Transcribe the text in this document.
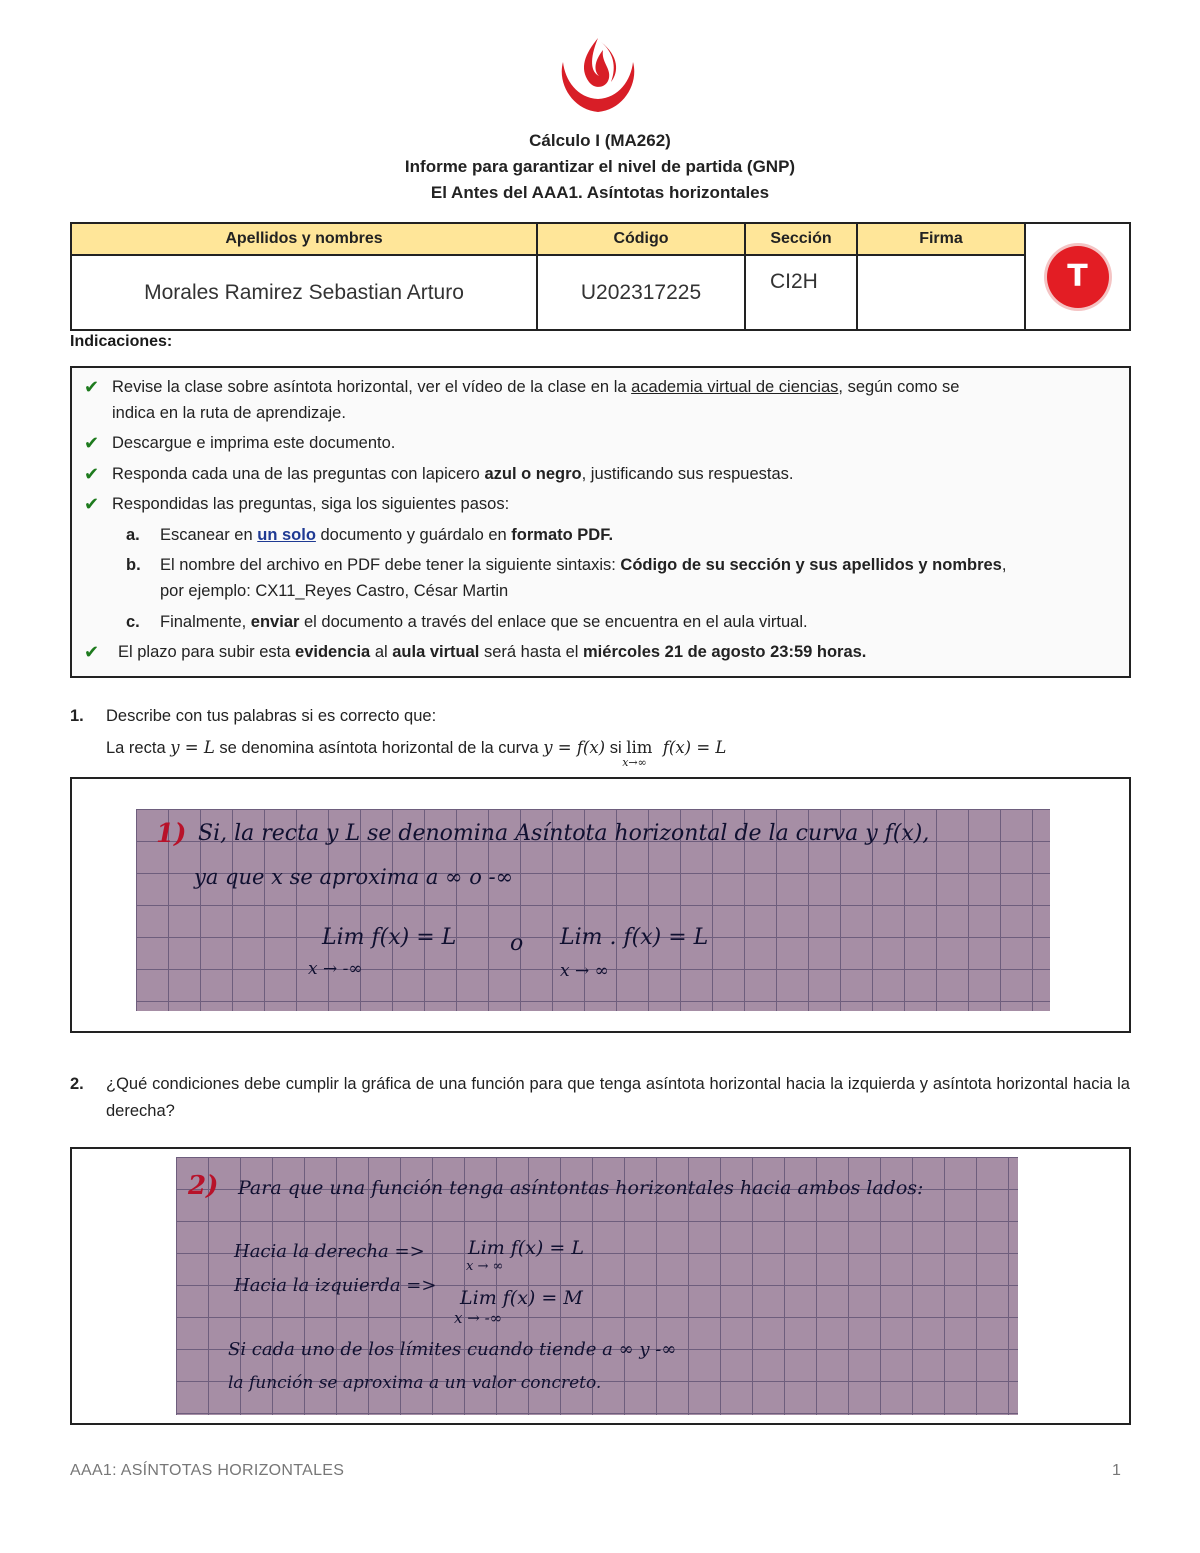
Cálculo I (MA262)
Informe para garantizar el nivel de partida (GNP)
El Antes del AAA1. Asíntotas horizontales
Apellidos y nombres	Código	Sección	Firma	T

Morales Ramirez Sebastian Arturo	U202317225	CI2H		
Indicaciones:
✔ Revise la clase sobre asíntota horizontal, ver el vídeo de la clase en la academia virtual de ciencias, según como se
indica en la ruta de aprendizaje.
✔ Descargue e imprima este documento.
✔ Responda cada una de las preguntas con lapicero azul o negro, justificando sus respuestas.
✔ Respondidas las preguntas, siga los siguientes pasos:
a. Escanear en un solo documento y guárdalo en formato PDF.
b. El nombre del archivo en PDF debe tener la siguiente sintaxis: Código de su sección y sus apellidos y nombres,
por ejemplo: CX11_Reyes Castro, César Martin
c. Finalmente, enviar el documento a través del enlace que se encuentra en el aula virtual.
✔ El plazo para subir esta evidencia al aula virtual será hasta el miércoles 21 de agosto 23:59 horas.
1. Describe con tus palabras si es correcto que:
La recta y = L se denomina asíntota horizontal de la curva y = f(x) si lim
x→∞
f(x) = L
1) Si, la recta y L se denomina Asíntota horizontal de la curva y f(x),
ya que x se aproxima a ∞ o -∞
Lim f(x) = L
x → -∞
o Lim . f(x) = L
x → ∞
2. ¿Qué condiciones debe cumplir la gráfica de una función para que tenga asíntota horizontal hacia la izquierda y asíntota horizontal hacia la derecha?
2) Para que una función tenga asíntontas horizontales hacia ambos lados:
Hacia la derecha => Lim f(x) = L
x → ∞
Hacia la izquierda =>
Lim f(x) = M
x → -∞
Si cada uno de los límites cuando tiende a ∞ y -∞
la función se aproxima a un valor concreto.
AAA1: ASÍNTOTAS HORIZONTALES	1
